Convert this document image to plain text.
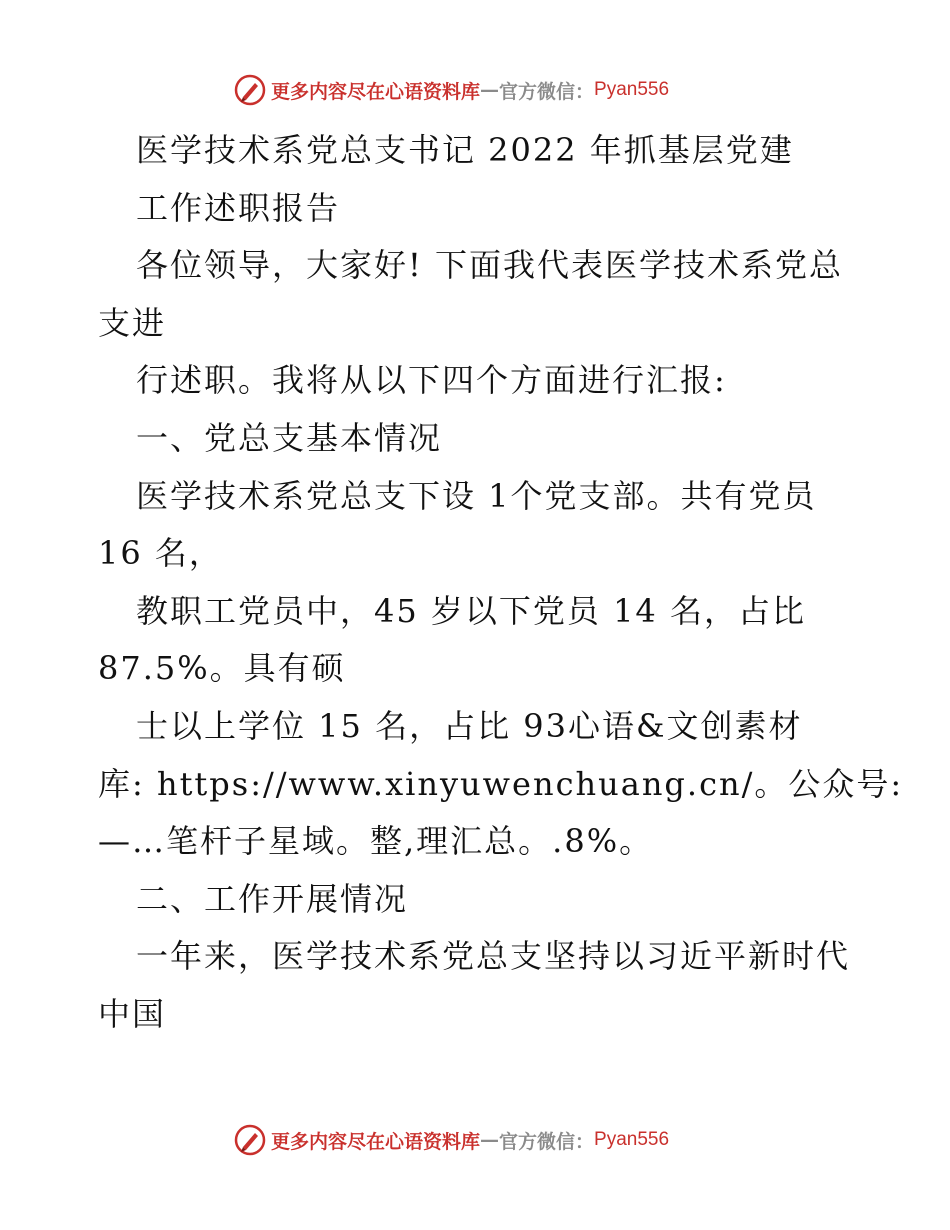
更多内容尽在心语资料库 — 官方微信： Pyan556
医学技术系党总支书记 2022 年抓基层党建
工作述职报告
各位领导，大家好! 下面我代表医学技术系党总
支进
行述职。我将从以下四个方面进行汇报:
一、党总支基本情况
医学技术系党总支下设 1个党支部。共有党员
16 名，
教职工党员中，45 岁以下党员 14 名，占比
87.5%。具有硕
士以上学位 15 名，占比 93心语&文创素材
库: https://www.xinyuwenchuang.cn/。公众号:
—…笔杆子星域。整,理汇总。.8%。
二、工作开展情况
一年来，医学技术系党总支坚持以习近平新时代
中国
更多内容尽在心语资料库 — 官方微信： Pyan556
